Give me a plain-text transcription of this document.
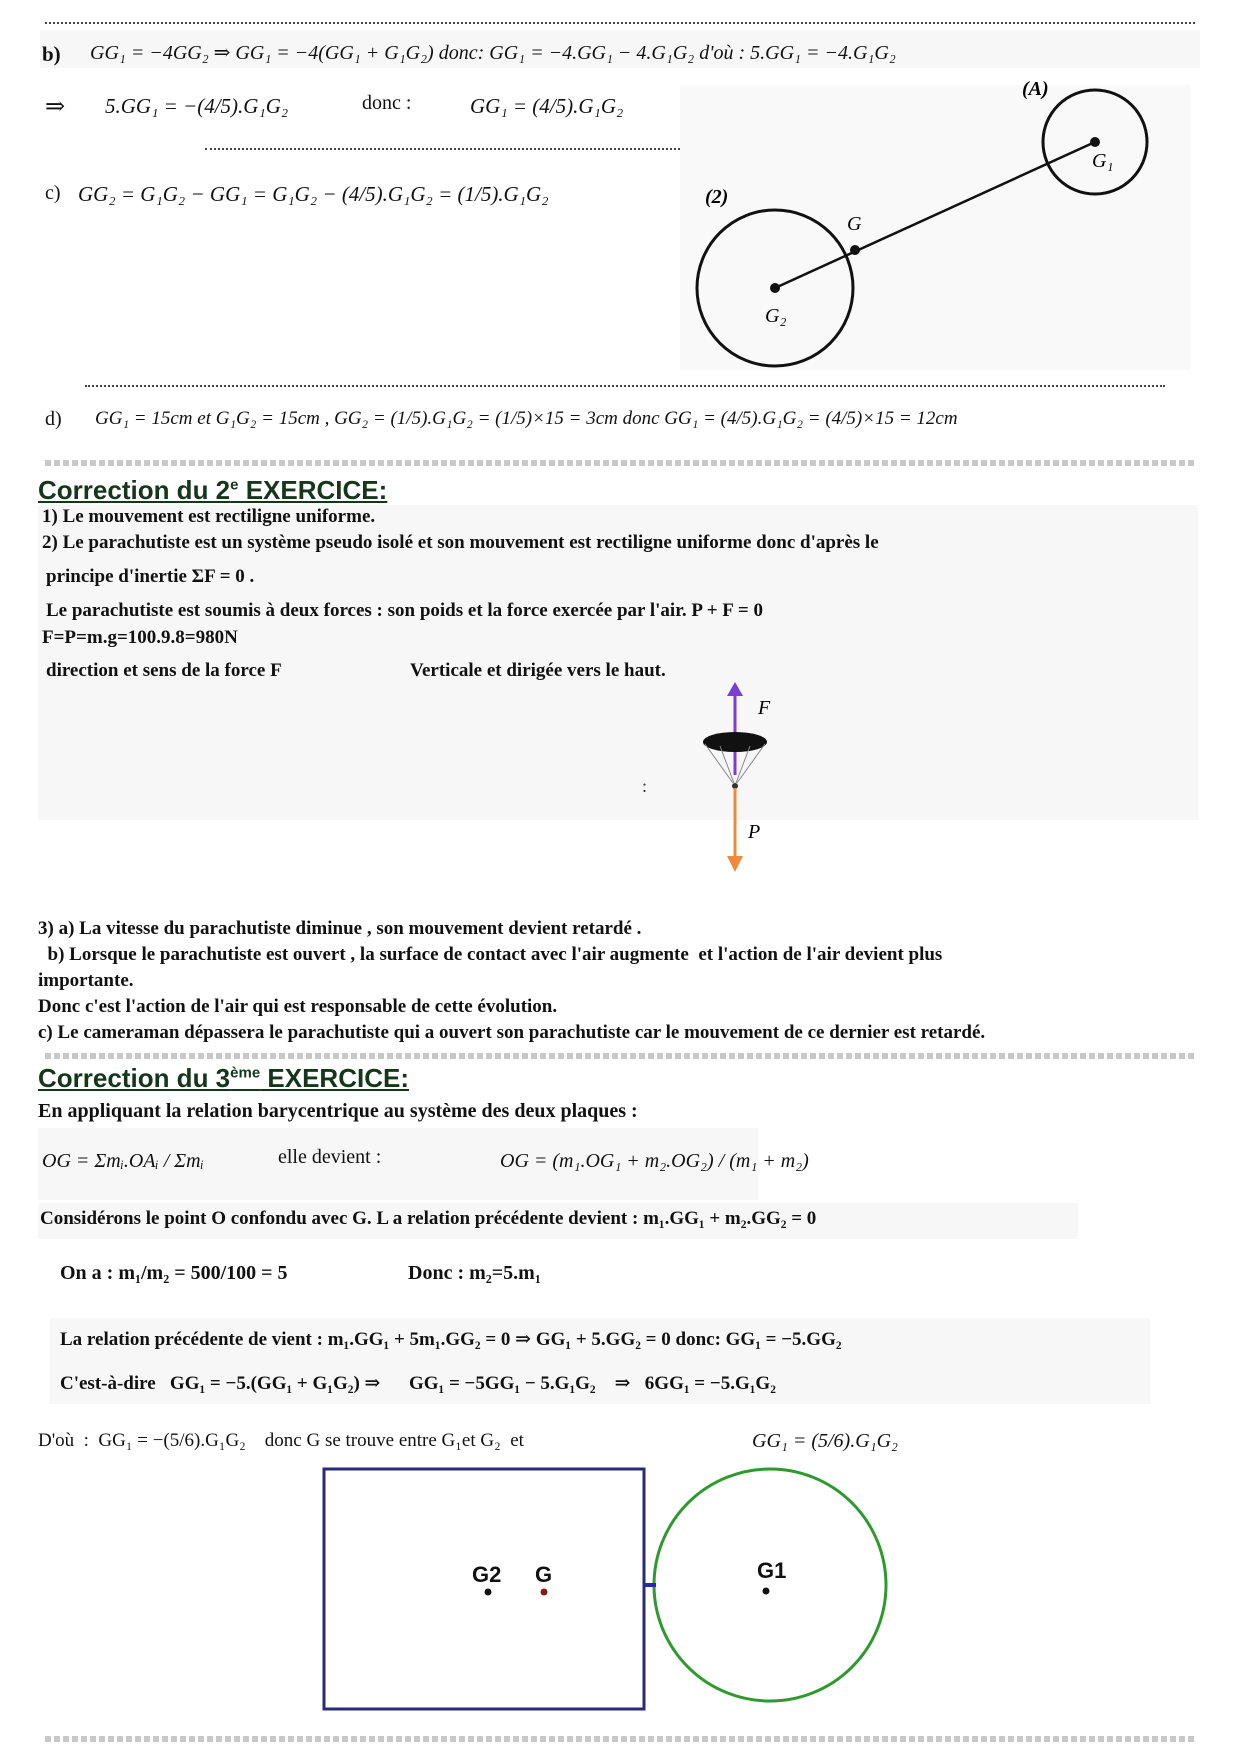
b) GG₁ = −4GG₂ ⇒ GG₁ = −4(GG₁ + G₁G₂) donc: GG₁ = −4.GG₁ − 4.G₁G₂ d'où : 5.GG₁ = −4.G₁G₂
⇒ 5.GG₁ = −(4/5).G₁G₂	donc :	GG₁ = (4/5).G₁G₂
c) GG₂ = G₁G₂ − GG₁ = G₁G₂ − (4/5).G₁G₂ = (1/5).G₁G₂
(A)
(2)
G₁
G
G₂
d) GG₁ = 15cm et G₁G₂ = 15cm , GG₂ = (1/5).G₁G₂ = (1/5)×15 = 3cm donc GG₁ = (4/5).G₁G₂ = (4/5)×15 = 12cm
Correction du 2e EXERCICE:
1) Le mouvement est rectiligne uniforme.
2) Le parachutiste est un système pseudo isolé et son mouvement est rectiligne uniforme donc d'après le
principe d'inertie ΣF = 0 .
Le parachutiste est soumis à deux forces : son poids et la force exercée par l'air. P + F = 0
F=P=m.g=100.9.8=980N
direction et sens de la force F	Verticale et dirigée vers le haut.
F
P
:
3) a) La vitesse du parachutiste diminue , son mouvement devient retardé .
b) Lorsque le parachutiste est ouvert , la surface de contact avec l'air augmente  et l'action de l'air devient plus
importante.
Donc c'est l'action de l'air qui est responsable de cette évolution.
c) Le cameraman dépassera le parachutiste qui a ouvert son parachutiste car le mouvement de ce dernier est retardé.
Correction du 3ème EXERCICE:
En appliquant la relation barycentrique au système des deux plaques :
OG = Σmᵢ.OAᵢ / Σmᵢ	elle devient :	OG = (m₁.OG₁ + m₂.OG₂) / (m₁ + m₂)
Considérons le point O confondu avec G. L a relation précédente devient : m₁.GG₁ + m₂.GG₂ = 0
On a : m₁/m₂ = 500/100 = 5	Donc : m₂=5.m₁
La relation précédente de vient : m₁.GG₁ + 5m₁.GG₂ = 0 ⇒ GG₁ + 5.GG₂ = 0 donc: GG₁ = −5.GG₂
C'est-à-dire   GG₁ = −5.(GG₁ + G₁G₂) ⇒      GG₁ = −5GG₁ − 5.G₁G₂    ⇒   6GG₁ = −5.G₁G₂
D'où  :  GG₁ = −(5/6).G₁G₂    donc G se trouve entre G₁et G₂  et	GG₁ = (5/6).G₁G₂
G2 G	G1
